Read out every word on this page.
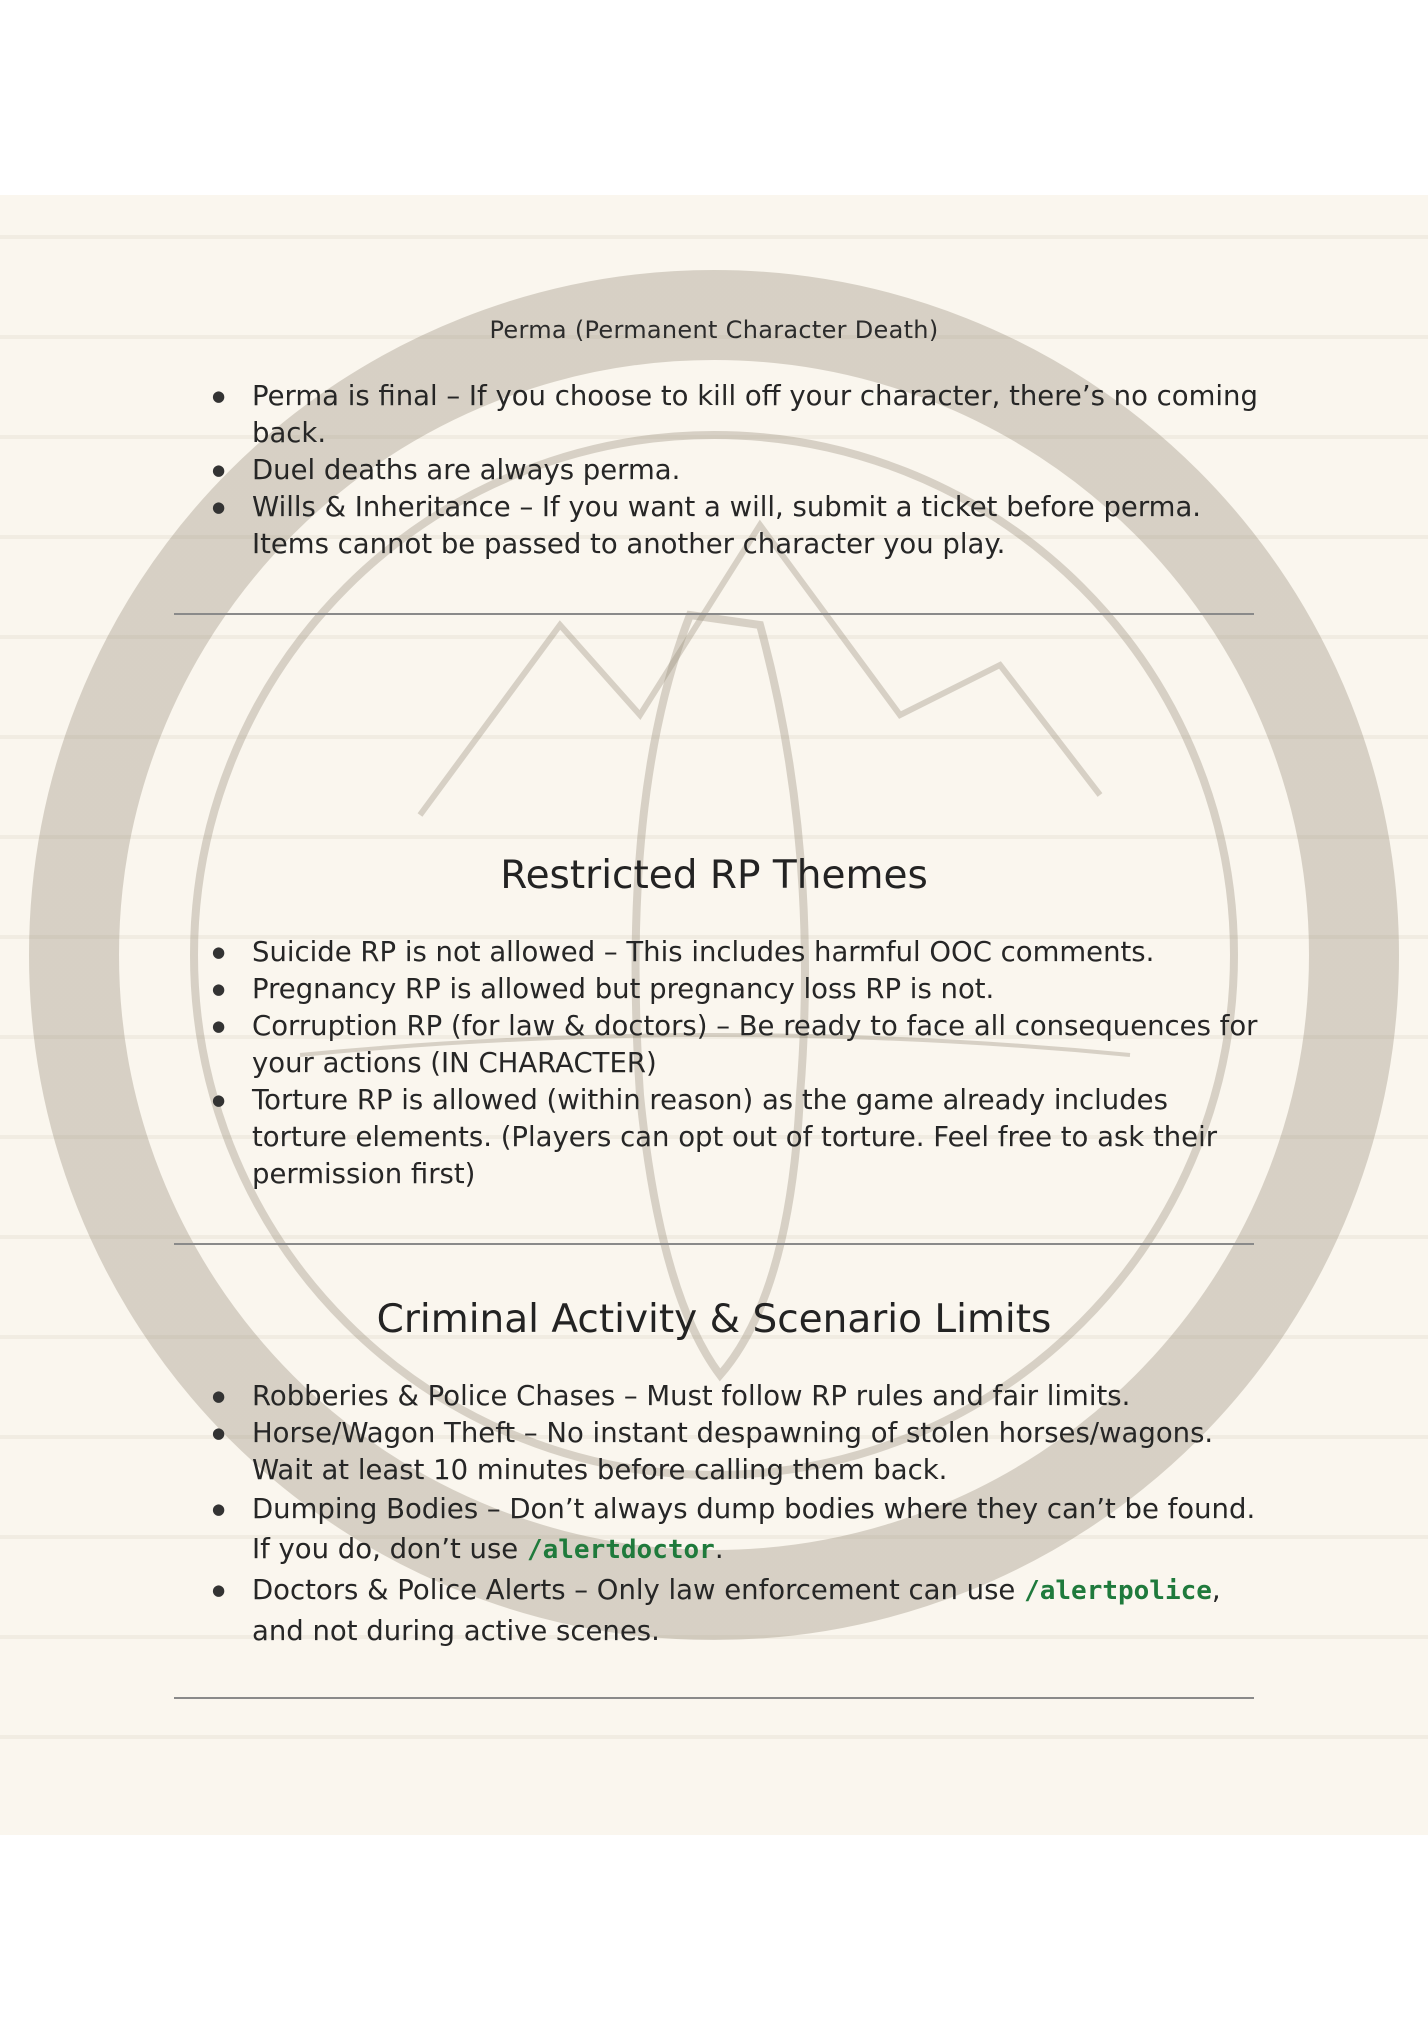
Perma (Permanent Character Death)
● Perma is final – If you choose to kill off your character, there’s no coming back.
● Duel deaths are always perma.
● Wills & Inheritance – If you want a will, submit a ticket before perma. Items cannot be passed to another character you play.
Restricted RP Themes
● Suicide RP is not allowed – This includes harmful OOC comments.
● Pregnancy RP is allowed but pregnancy loss RP is not.
● Corruption RP (for law & doctors) – Be ready to face all consequences for your actions (IN CHARACTER)
● Torture RP is allowed (within reason) as the game already includes torture elements. (Players can opt out of torture. Feel free to ask their permission first)
Criminal Activity & Scenario Limits
● Robberies & Police Chases – Must follow RP rules and fair limits.
● Horse/Wagon Theft – No instant despawning of stolen horses/wagons. Wait at least 10 minutes before calling them back.
● Dumping Bodies – Don’t always dump bodies where they can’t be found. If you do, don’t use /alertdoctor.
● Doctors & Police Alerts – Only law enforcement can use /alertpolice, and not during active scenes.
